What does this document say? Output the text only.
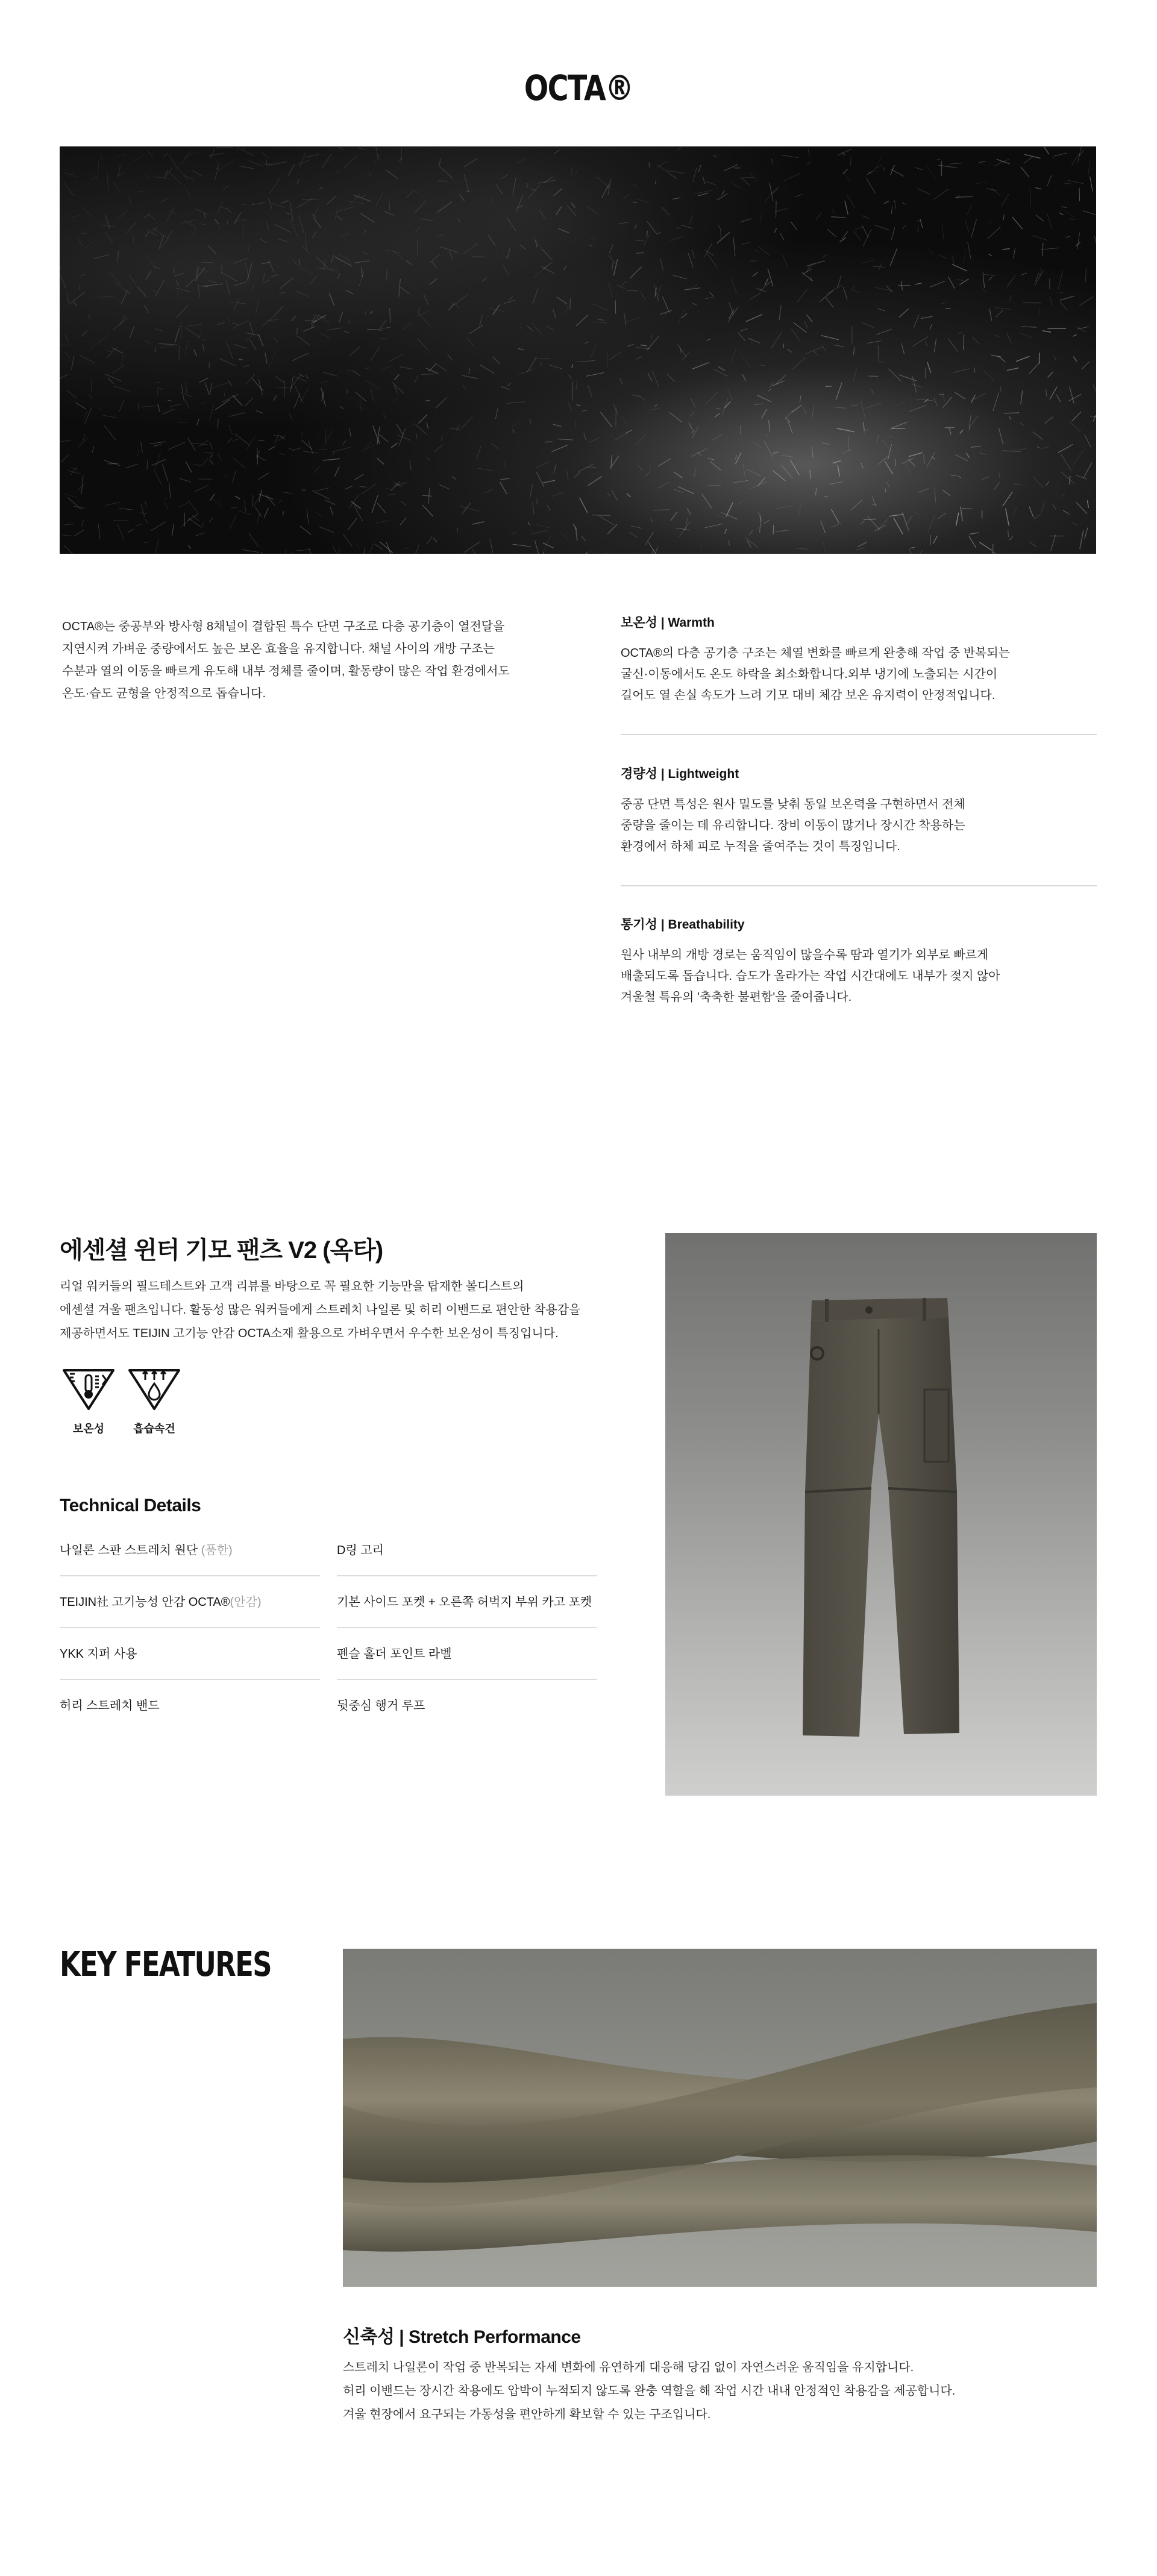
OCTA®
OCTA®는 중공부와 방사형 8채널이 결합된 특수 단면 구조로 다층 공기층이 열전달을
지연시켜 가벼운 중량에서도 높은 보온 효율을 유지합니다. 채널 사이의 개방 구조는
수분과 열의 이동을 빠르게 유도해 내부 정체를 줄이며, 활동량이 많은 작업 환경에서도
온도·습도 균형을 안정적으로 돕습니다.
보온성 | Warmth
OCTA®의 다층 공기층 구조는 체열 변화를 빠르게 완충해 작업 중 반복되는
굴신·이동에서도 온도 하락을 최소화합니다.외부 냉기에 노출되는 시간이
길어도 열 손실 속도가 느려 기모 대비 체감 보온 유지력이 안정적입니다.
경량성 | Lightweight
중공 단면 특성은 원사 밀도를 낮춰 동일 보온력을 구현하면서 전체
중량을 줄이는 데 유리합니다. 장비 이동이 많거나 장시간 착용하는
환경에서 하체 피로 누적을 줄여주는 것이 특징입니다.
통기성 | Breathability
원사 내부의 개방 경로는 움직임이 많을수록 땀과 열기가 외부로 빠르게
배출되도록 돕습니다. 습도가 올라가는 작업 시간대에도 내부가 젖지 않아
겨울철 특유의 '축축한 불편함'을 줄여줍니다.
에센셜 윈터 기모 팬츠 V2 (옥타)
리얼 워커들의 필드테스트와 고객 리뷰를 바탕으로 꼭 필요한 기능만을 탑재한 볼디스트의
에센셜 겨울 팬츠입니다. 활동성 많은 워커들에게 스트레치 나일론 및 허리 이밴드로 편안한 착용감을
제공하면서도 TEIJIN 고기능 안감 OCTA소재 활용으로 가벼우면서 우수한 보온성이 특징입니다.
보온성	흡습속건
Technical Details
나일론 스판 스트레치 원단 (품한)
TEIJIN社 고기능성 안감 OCTA®(안감)
YKK 지퍼 사용
허리 스트레치 밴드
D링 고리
기본 사이드 포켓 + 오른쪽 허벅지 부위 카고 포켓
펜슬 홀더 포인트 라벨
뒷중심 행거 루프
KEY FEATURES
신축성 | Stretch Performance
스트레치 나일론이 작업 중 반복되는 자세 변화에 유연하게 대응해 당김 없이 자연스러운 움직임을 유지합니다.
허리 이밴드는 장시간 착용에도 압박이 누적되지 않도록 완충 역할을 해 작업 시간 내내 안정적인 착용감을 제공합니다.
겨울 현장에서 요구되는 가동성을 편안하게 확보할 수 있는 구조입니다.
